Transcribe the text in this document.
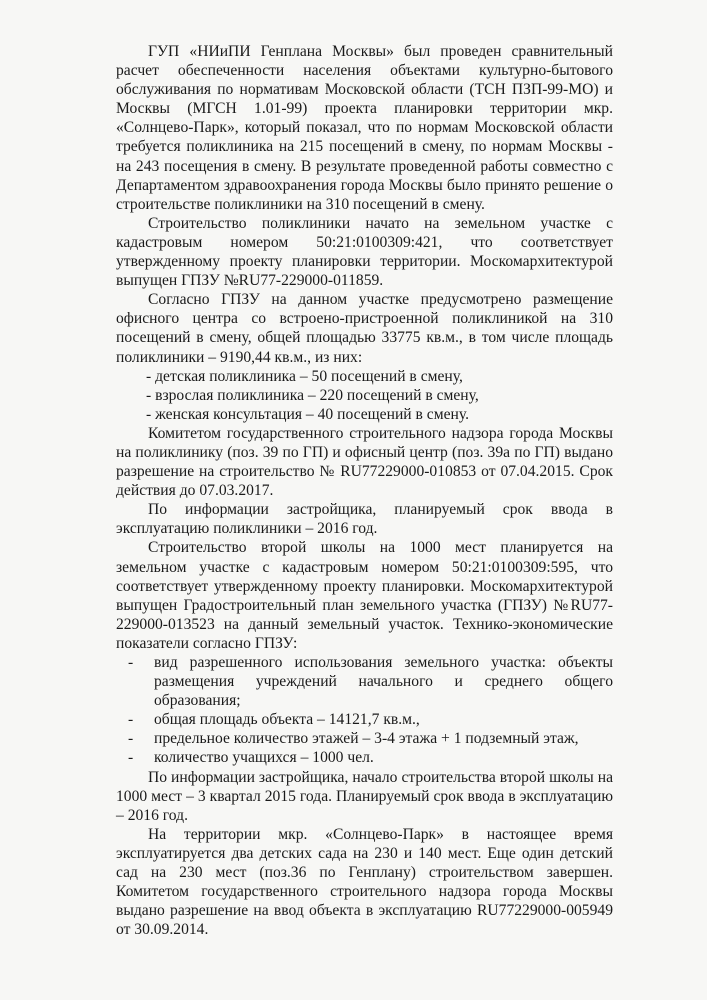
ГУП «НИиПИ Генплана Москвы» был проведен сравнительный расчет обеспеченности населения объектами культурно-бытового обслуживания по нормативам Московской области (ТСН ПЗП-99-МО) и Москвы (МГСН 1.01-99) проекта планировки территории мкр. «Солнцево-Парк», который показал, что по нормам Московской области требуется поликлиника на 215 посещений в смену, по нормам Москвы - на 243 посещения в смену. В результате проведенной работы совместно с Департаментом здравоохранения города Москвы было принято решение о строительстве поликлиники на 310 посещений в смену.

Строительство поликлиники начато на земельном участке с кадастровым номером 50:21:0100309:421, что соответствует утвержденному проекту планировки территории. Москомархитектурой выпущен ГПЗУ №RU77-229000-011859.

Согласно ГПЗУ на данном участке предусмотрено размещение офисного центра со встроено-пристроенной поликлиникой на 310 посещений в смену, общей площадью 33775 кв.м., в том числе площадь поликлиники – 9190,44 кв.м., из них:

- детская поликлиника – 50 посещений в смену,
- взрослая поликлиника – 220 посещений в смену,
- женская консультация – 40 посещений в смену.

Комитетом государственного строительного надзора города Москвы на поликлинику (поз. 39 по ГП) и офисный центр (поз. 39а по ГП) выдано разрешение на строительство № RU77229000-010853 от 07.04.2015. Срок действия до 07.03.2017.

По информации застройщика, планируемый срок ввода в эксплуатацию поликлиники – 2016 год.

Строительство второй школы на 1000 мест планируется на земельном участке с кадастровым номером 50:21:0100309:595, что соответствует утвержденному проекту планировки. Москомархитектурой выпущен Градостроительный план земельного участка (ГПЗУ) №RU77-229000-013523 на данный земельный участок. Технико-экономические показатели согласно ГПЗУ:

- вид разрешенного использования земельного участка: объекты размещения учреждений начального и среднего общего образования;
- общая площадь объекта – 14121,7 кв.м.,
- предельное количество этажей – 3-4 этажа + 1 подземный этаж,
- количество учащихся – 1000 чел.

По информации застройщика, начало строительства второй школы на 1000 мест – 3 квартал 2015 года. Планируемый срок ввода в эксплуатацию – 2016 год.

На территории мкр. «Солнцево-Парк» в настоящее время эксплуатируется два детских сада на 230 и 140 мест. Еще один детский сад на 230 мест (поз.36 по Генплану) строительством завершен. Комитетом государственного строительного надзора города Москвы выдано разрешение на ввод объекта в эксплуатацию RU77229000-005949 от 30.09.2014.
